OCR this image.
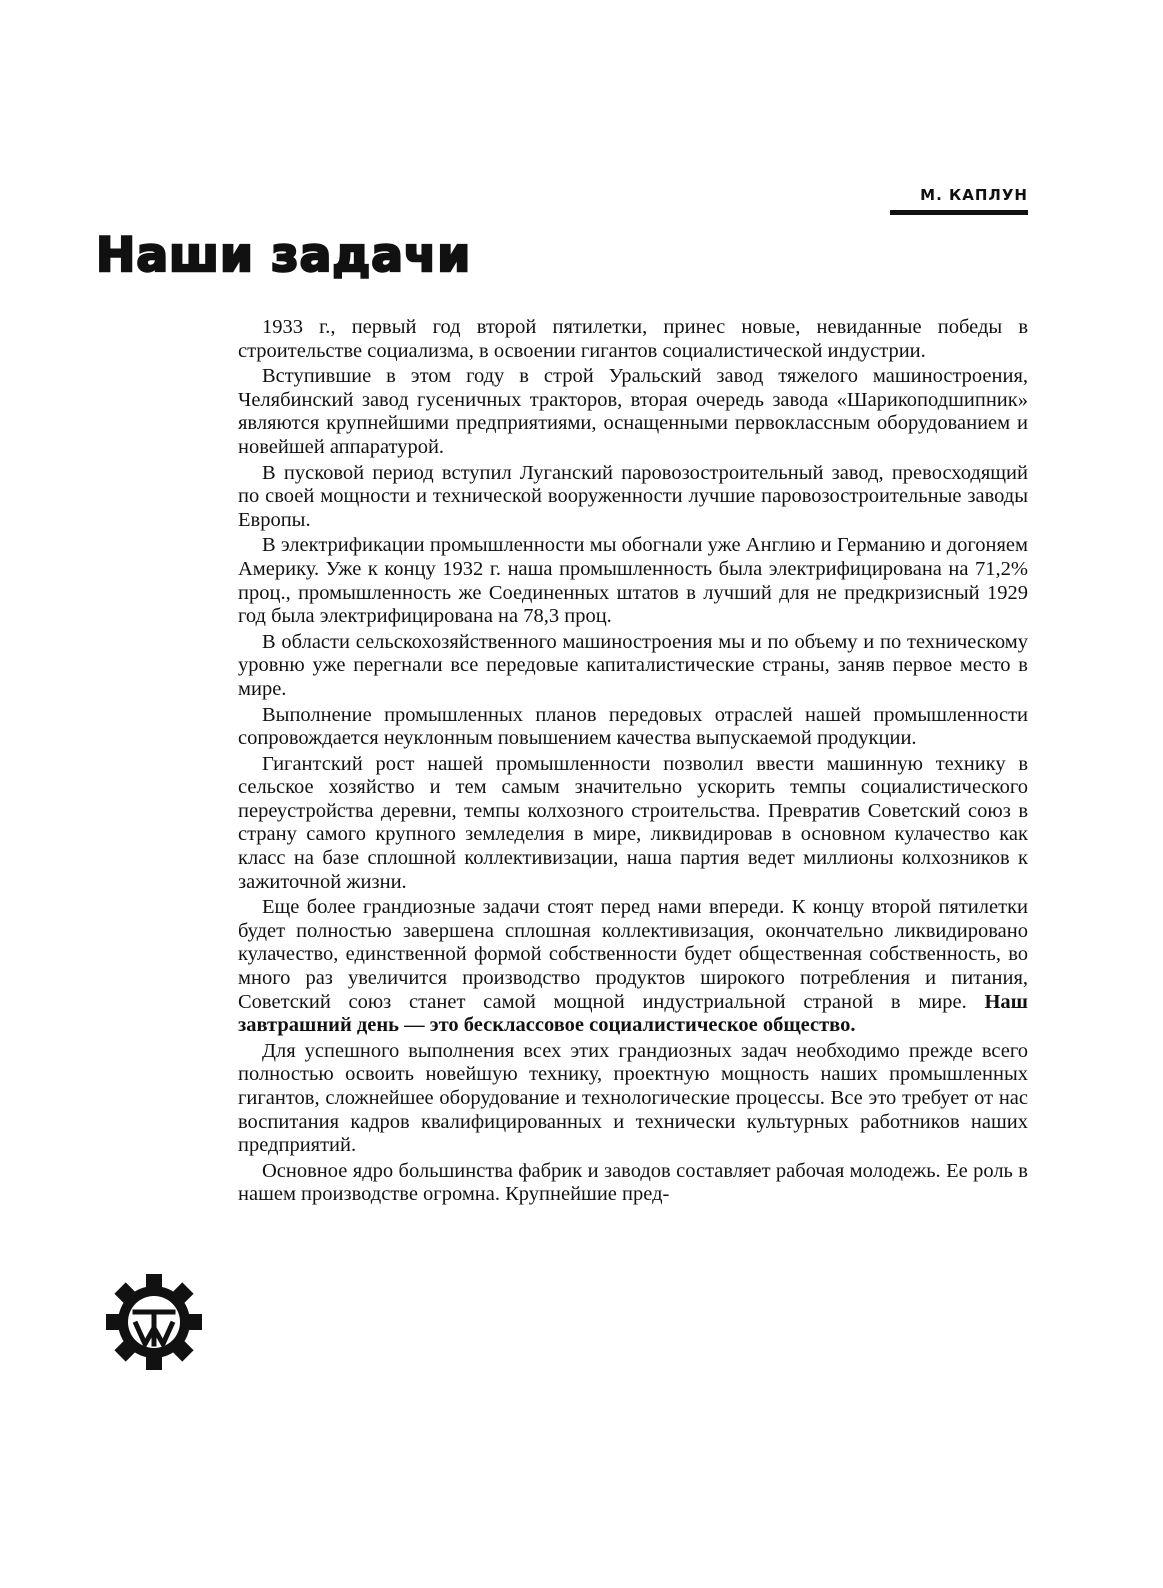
М. КАПЛУН
Наши задачи

1933 г., первый год второй пятилетки, принес новые, невиданные победы в строительстве социализма, в освоении гигантов социалистической индустрии.

Вступившие в этом году в строй Уральский завод тяжелого машиностроения, Челябинский завод гусеничных тракторов, вторая очередь завода «Шарикоподшипник» являются крупнейшими предприятиями, оснащенными первоклассным оборудованием и новейшей аппаратурой.

В пусковой период вступил Луганский паровозостроительный завод, превосходящий по своей мощности и технической вооруженности лучшие паровозостроительные заводы Европы.

В электрификации промышленности мы обогнали уже Англию и Германию и догоняем Америку. Уже к концу 1932 г. наша промышленность была электрифицирована на 71,2% проц., промышленность же Соединенных штатов в лучший для не предкризисный 1929 год была электрифицирована на 78,3 проц.

В области сельскохозяйственного машиностроения мы и по объему и по техническому уровню уже перегнали все передовые капиталистические страны, заняв первое место в мире.

Выполнение промышленных планов передовых отраслей нашей промышленности сопровождается неуклонным повышением качества выпускаемой продукции.

Гигантский рост нашей промышленности позволил ввести машинную технику в сельское хозяйство и тем самым значительно ускорить темпы социалистического переустройства деревни, темпы колхозного строительства. Превратив Советский союз в страну самого крупного земледелия в мире, ликвидировав в основном кулачество как класс на базе сплошной коллективизации, наша партия ведет миллионы колхозников к зажиточной жизни.

Еще более грандиозные задачи стоят перед нами впереди. К концу второй пятилетки будет полностью завершена сплошная коллективизация, окончательно ликвидировано кулачество, единственной формой собственности будет общественная собственность, во много раз увеличится производство продуктов широкого потребления и питания, Советский союз станет самой мощной индустриальной страной в мире. Наш завтрашний день — это бесклассовое социалистическое общество.

Для успешного выполнения всех этих грандиозных задач необходимо прежде всего полностью освоить новейшую технику, проектную мощность наших промышленных гигантов, сложнейшее оборудование и технологические процессы. Все это требует от нас воспитания кадров квалифицированных и технически культурных работников наших предприятий.

Основное ядро большинства фабрик и заводов составляет рабочая молодежь. Ее роль в нашем производстве огромна. Крупнейшие пред-
